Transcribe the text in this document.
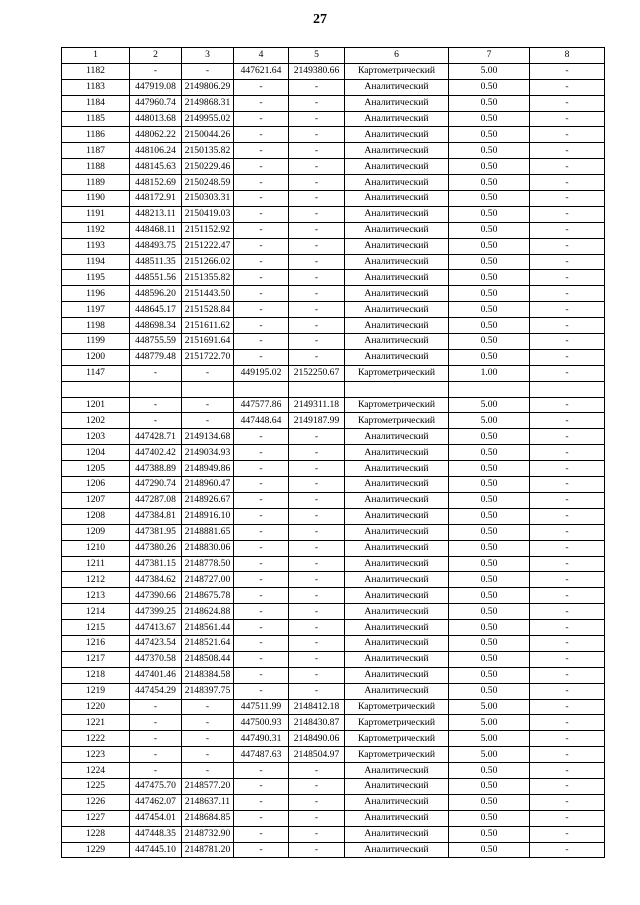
27
1	2	3	4	5	6	7	8
1182	-	-	447621.64	2149380.66	Картометрический	5.00	-
1183	447919.08	2149806.29	-	-	Аналитический	0.50	-
1184	447960.74	2149868.31	-	-	Аналитический	0.50	-
1185	448013.68	2149955.02	-	-	Аналитический	0.50	-
1186	448062.22	2150044.26	-	-	Аналитический	0.50	-
1187	448106.24	2150135.82	-	-	Аналитический	0.50	-
1188	448145.63	2150229.46	-	-	Аналитический	0.50	-
1189	448152.69	2150248.59	-	-	Аналитический	0.50	-
1190	448172.91	2150303.31	-	-	Аналитический	0.50	-
1191	448213.11	2150419.03	-	-	Аналитический	0.50	-
1192	448468.11	2151152.92	-	-	Аналитический	0.50	-
1193	448493.75	2151222.47	-	-	Аналитический	0.50	-
1194	448511.35	2151266.02	-	-	Аналитический	0.50	-
1195	448551.56	2151355.82	-	-	Аналитический	0.50	-
1196	448596.20	2151443.50	-	-	Аналитический	0.50	-
1197	448645.17	2151528.84	-	-	Аналитический	0.50	-
1198	448698.34	2151611.62	-	-	Аналитический	0.50	-
1199	448755.59	2151691.64	-	-	Аналитический	0.50	-
1200	448779.48	2151722.70	-	-	Аналитический	0.50	-
1147	-	-	449195.02	2152250.67	Картометрический	1.00	-

1201	-	-	447577.86	2149311.18	Картометрический	5.00	-
1202	-	-	447448.64	2149187.99	Картометрический	5.00	-
1203	447428.71	2149134.68	-	-	Аналитический	0.50	-
1204	447402.42	2149034.93	-	-	Аналитический	0.50	-
1205	447388.89	2148949.86	-	-	Аналитический	0.50	-
1206	447290.74	2148960.47	-	-	Аналитический	0.50	-
1207	447287.08	2148926.67	-	-	Аналитический	0.50	-
1208	447384.81	2148916.10	-	-	Аналитический	0.50	-
1209	447381.95	2148881.65	-	-	Аналитический	0.50	-
1210	447380.26	2148830.06	-	-	Аналитический	0.50	-
1211	447381.15	2148778.50	-	-	Аналитический	0.50	-
1212	447384.62	2148727.00	-	-	Аналитический	0.50	-
1213	447390.66	2148675.78	-	-	Аналитический	0.50	-
1214	447399.25	2148624.88	-	-	Аналитический	0.50	-
1215	447413.67	2148561.44	-	-	Аналитический	0.50	-
1216	447423.54	2148521.64	-	-	Аналитический	0.50	-
1217	447370.58	2148508.44	-	-	Аналитический	0.50	-
1218	447401.46	2148384.58	-	-	Аналитический	0.50	-
1219	447454.29	2148397.75	-	-	Аналитический	0.50	-
1220	-	-	447511.99	2148412.18	Картометрический	5.00	-
1221	-	-	447500.93	2148430.87	Картометрический	5.00	-
1222	-	-	447490.31	2148490.06	Картометрический	5.00	-
1223	-	-	447487.63	2148504.97	Картометрический	5.00	-
1224	-	-	-	-	Аналитический	0.50	-
1225	447475.70	2148577.20	-	-	Аналитический	0.50	-
1226	447462.07	2148637.11	-	-	Аналитический	0.50	-
1227	447454.01	2148684.85	-	-	Аналитический	0.50	-
1228	447448.35	2148732.90	-	-	Аналитический	0.50	-
1229	447445.10	2148781.20	-	-	Аналитический	0.50	-
